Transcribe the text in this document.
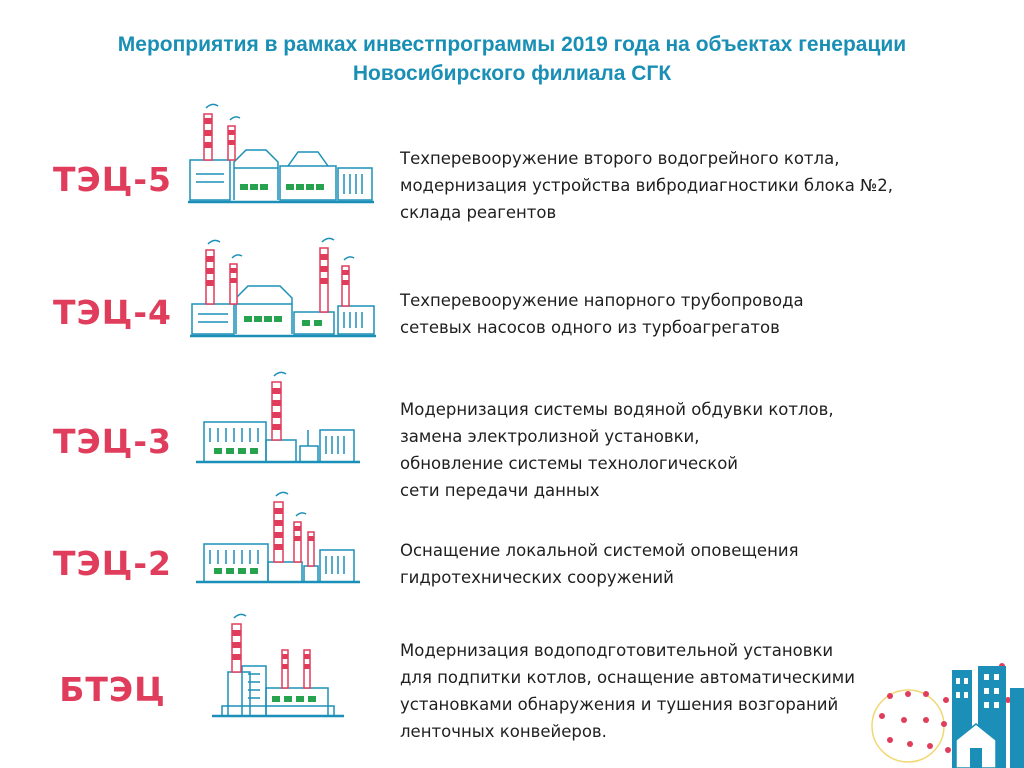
Мероприятия в рамках инвестпрограммы 2019 года на объектах генерации
Новосибирского филиала СГК
ТЭЦ-5
Техперевооружение второго водогрейного котла,
модернизация устройства вибродиагностики блока №2,
склада реагентов
ТЭЦ-4	Техперевооружение напорного трубопровода
сетевых насосов одного из турбоагрегатов
ТЭЦ-3
Модернизация системы водяной обдувки котлов,
замена электролизной установки,
обновление системы технологической
сети передачи данных
ТЭЦ-2	Оснащение локальной системой оповещения
гидротехнических сооружений
БТЭЦ
Модернизация водоподготовительной установки
для подпитки котлов, оснащение автоматическими
установками обнаружения и тушения возгораний
ленточных конвейеров.
